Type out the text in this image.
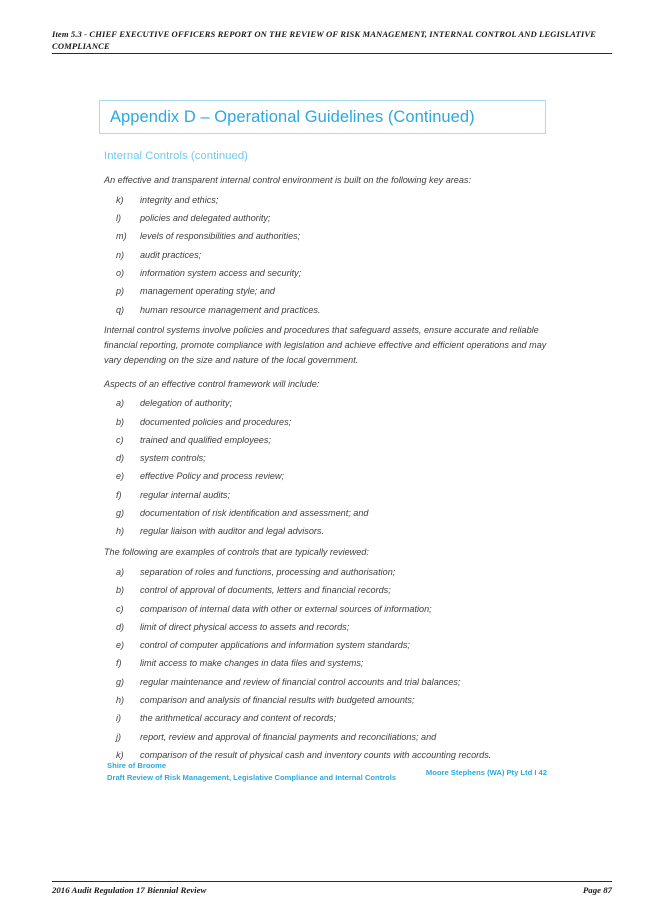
Item 5.3 - CHIEF EXECUTIVE OFFICERS REPORT ON THE REVIEW OF RISK MANAGEMENT, INTERNAL CONTROL AND LEGISLATIVE COMPLIANCE
Appendix D – Operational Guidelines (Continued)
Internal Controls (continued)

An effective and transparent internal control environment is built on the following key areas:

k)	integrity and ethics;
l)	policies and delegated authority;
m)	levels of responsibilities and authorities;
n)	audit practices;
o)	information system access and security;
p)	management operating style; and
q)	human resource management and practices.

Internal control systems involve policies and procedures that safeguard assets, ensure accurate and reliable financial reporting, promote compliance with legislation and achieve effective and efficient operations and may vary depending on the size and nature of the local government.

Aspects of an effective control framework will include:

a)	delegation of authority;
b)	documented policies and procedures;
c)	trained and qualified employees;
d)	system controls;
e)	effective Policy and process review;
f)	regular internal audits;
g)	documentation of risk identification and assessment; and
h)	regular liaison with auditor and legal advisors.

The following are examples of controls that are typically reviewed:

a)	separation of roles and functions, processing and authorisation;
b)	control of approval of documents, letters and financial records;
c)	comparison of internal data with other or external sources of information;
d)	limit of direct physical access to assets and records;
e)	control of computer applications and information system standards;
f)	limit access to make changes in data files and systems;
g)	regular maintenance and review of financial control accounts and trial balances;
h)	comparison and analysis of financial results with budgeted amounts;
i)	the arithmetical accuracy and content of records;
j)	report, review and approval of financial payments and reconciliations; and
k)	comparison of the result of physical cash and inventory counts with accounting records.
Shire of Broome
Draft Review of Risk Management, Legislative Compliance and Internal Controls
Moore Stephens (WA) Pty Ltd I 42
2016 Audit Regulation 17 Biennial Review	Page 87
